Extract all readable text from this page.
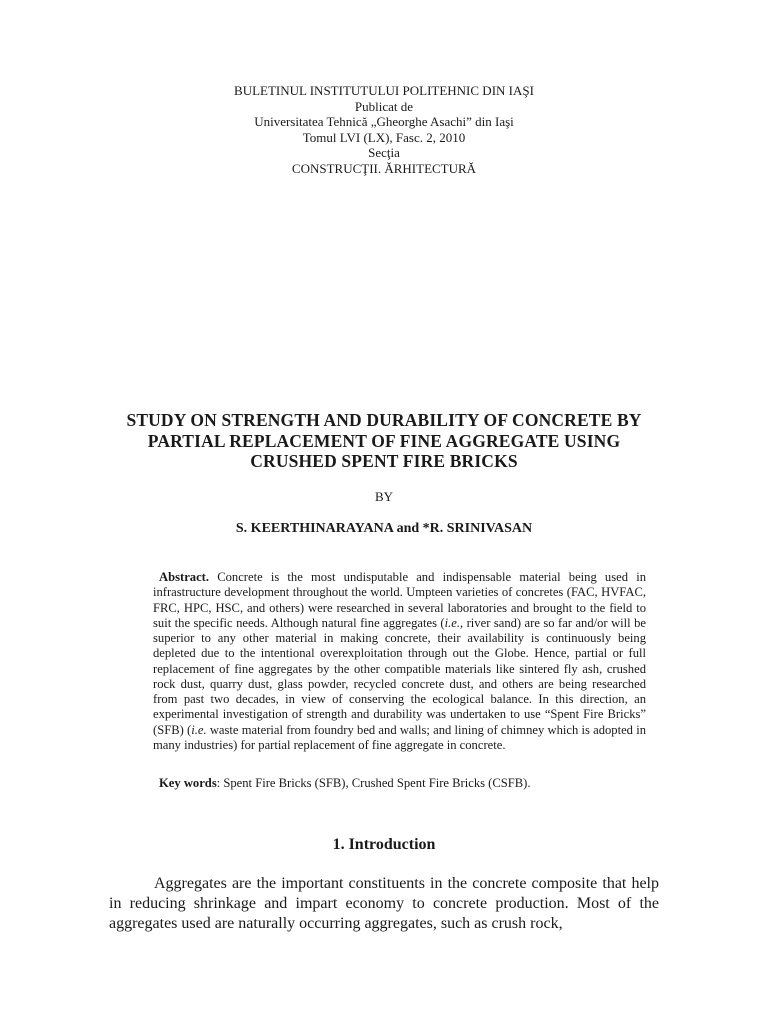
BULETINUL INSTITUTULUI POLITEHNIC DIN IAŞI
Publicat de
Universitatea Tehnică „Gheorghe Asachi” din Iaşi
Tomul LVI (LX), Fasc. 2, 2010
Secţia
CONSTRUCŢII. ĂRHITECTURĂ
STUDY ON STRENGTH AND DURABILITY OF CONCRETE BY
PARTIAL REPLACEMENT OF FINE AGGREGATE USING
CRUSHED SPENT FIRE BRICKS
BY
S. KEERTHINARAYANA and *R. SRINIVASAN
Abstract. Concrete is the most undisputable and indispensable material being used in infrastructure development throughout the world. Umpteen varieties of concretes (FAC, HVFAC, FRC, HPC, HSC, and others) were researched in several laboratories and brought to the field to suit the specific needs. Although natural fine aggregates (i.e., river sand) are so far and/or will be superior to any other material in making concrete, their availability is continuously being depleted due to the intentional overexploitation through out the Globe. Hence, partial or full replacement of fine aggregates by the other compatible materials like sintered fly ash, crushed rock dust, quarry dust, glass powder, recycled concrete dust, and others are being researched from past two decades, in view of conserving the ecological balance. In this direction, an experimental investigation of strength and durability was undertaken to use “Spent Fire Bricks” (SFB) (i.e. waste material from foundry bed and walls; and lining of chimney which is adopted in many industries) for partial replacement of fine aggregate in concrete.
Key words: Spent Fire Bricks (SFB), Crushed Spent Fire Bricks (CSFB).
1. Introduction
Aggregates are the important constituents in the concrete composite that help in reducing shrinkage and impart economy to concrete production. Most of the aggregates used are naturally occurring aggregates, such as crush rock,
